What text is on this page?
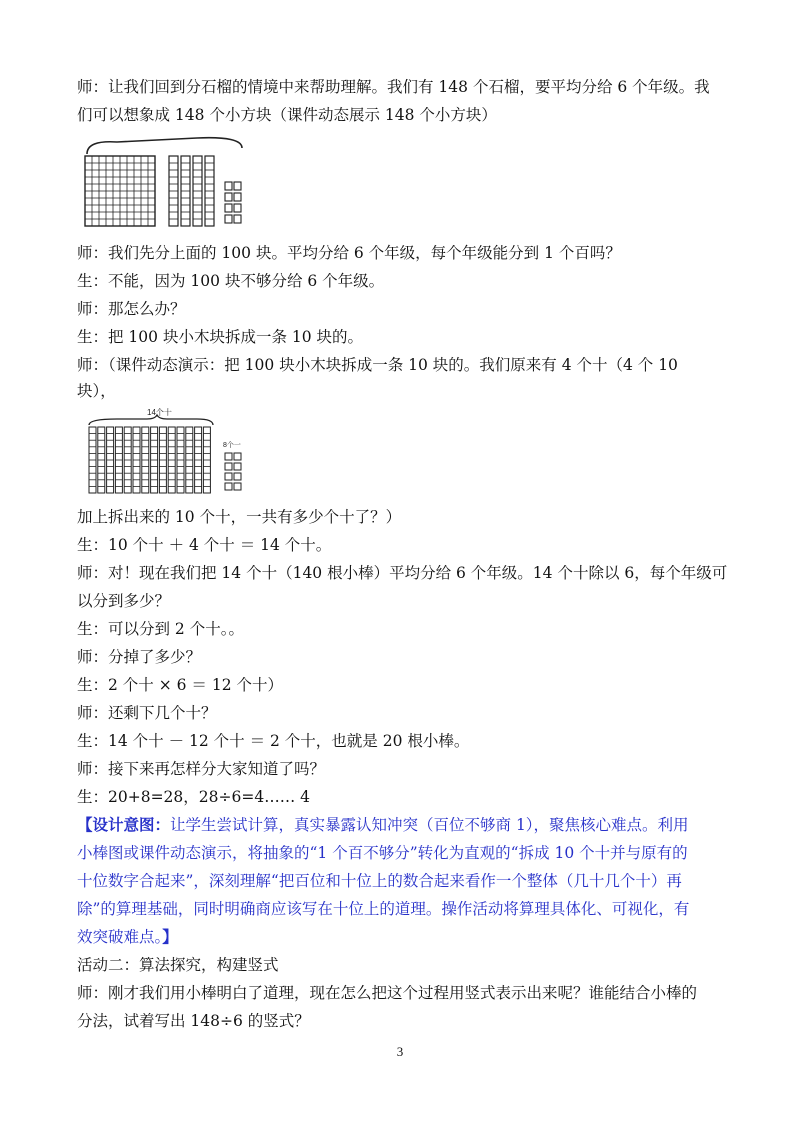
师：让我们回到分石榴的情境中来帮助理解。我们有 148 个石榴，要平均分给 6 个年级。我
们可以想象成 148 个小方块（课件动态展示 148 个小方块）
师：我们先分上面的 100 块。平均分给 6 个年级，每个年级能分到 1 个百吗？
生：不能，因为 100 块不够分给 6 个年级。
师：那怎么办？
生：把 100 块小木块拆成一条 10 块的。
师：（课件动态演示：把 100 块小木块拆成一条 10 块的。我们原来有 4 个十（4 个 10
块），
14个十
8个一
加上拆出来的 10 个十，一共有多少个十了？）
生：10 个十 ＋ 4 个十 ＝ 14 个十。
师：对！现在我们把 14 个十（140 根小棒）平均分给 6 个年级。14 个十除以 6，每个年级可
以分到多少？
生：可以分到 2 个十。。
师：分掉了多少？
生：2 个十 × 6 ＝ 12 个十）
师：还剩下几个十？
生：14 个十 － 12 个十 ＝ 2 个十，也就是 20 根小棒。
师：接下来再怎样分大家知道了吗？
生：20+8=28，28÷6=4…… 4
【设计意图：让学生尝试计算，真实暴露认知冲突（百位不够商 1），聚焦核心难点。利用
小棒图或课件动态演示，将抽象的“1 个百不够分”转化为直观的“拆成 10 个十并与原有的
十位数字合起来”，深刻理解“把百位和十位上的数合起来看作一个整体（几十几个十）再
除”的算理基础，同时明确商应该写在十位上的道理。操作活动将算理具体化、可视化，有
效突破难点。】
活动二：算法探究，构建竖式
师：刚才我们用小棒明白了道理，现在怎么把这个过程用竖式表示出来呢？谁能结合小棒的
分法，试着写出 148÷6 的竖式？
3
